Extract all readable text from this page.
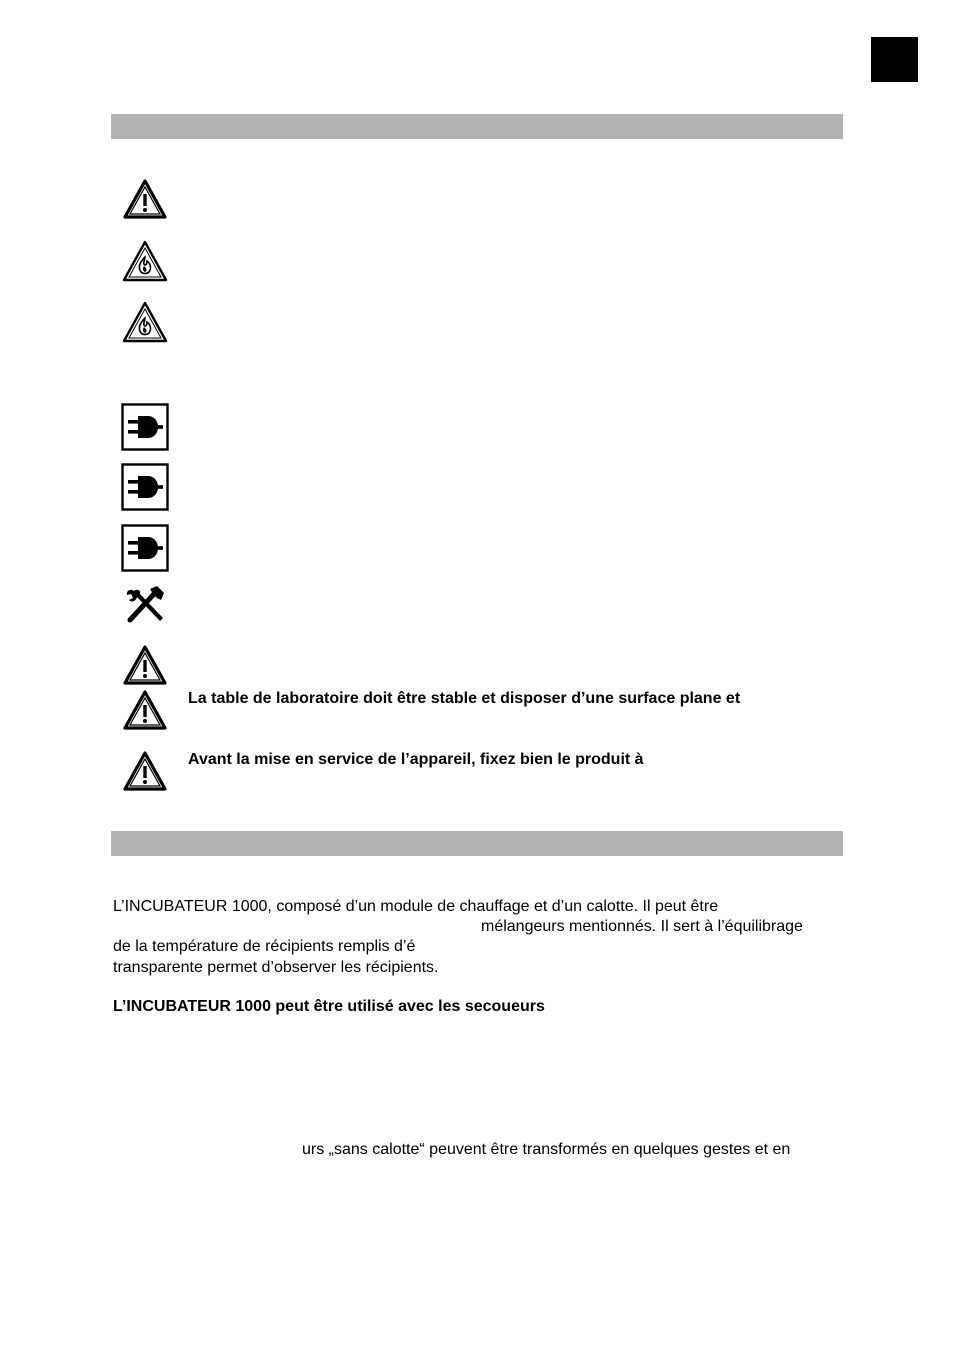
La table de laboratoire doit être stable et disposer d’une surface plane et
Avant la mise en service de l’appareil, fixez bien le produit à
L’INCUBATEUR 1000, composé d’un module de chauffage et d’un calotte. Il peut être
mélangeurs mentionnés. Il sert à l’équilibrage
de la température de récipients remplis d’é
transparente permet d’observer les récipients.
L’INCUBATEUR 1000 peut être utilisé avec les secoueurs
urs „sans calotte“ peuvent être transformés en quelques gestes et en
